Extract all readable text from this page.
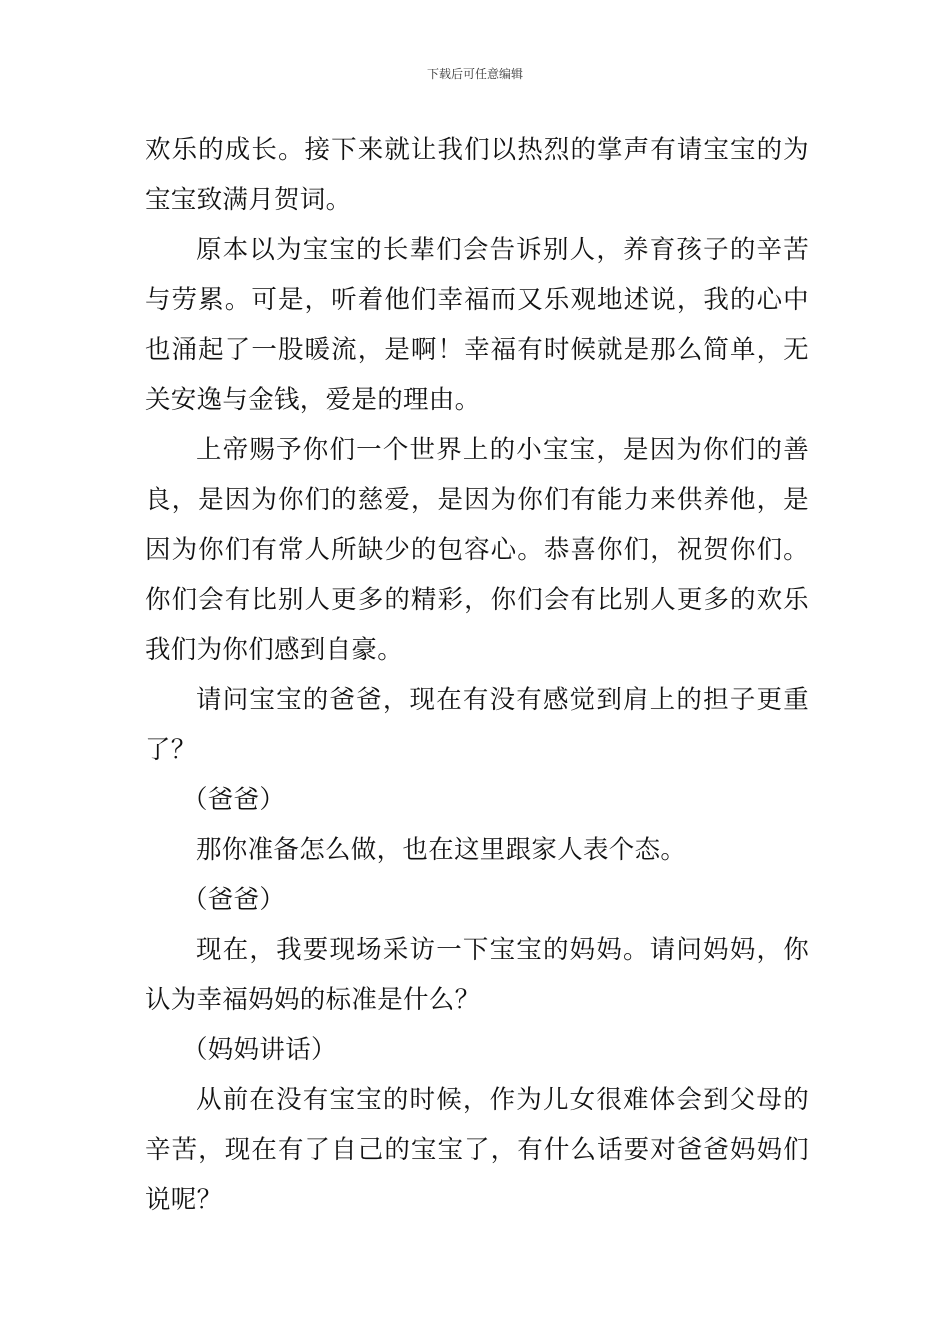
下载后可任意编辑

欢乐的成长。接下来就让我们以热烈的掌声有请宝宝的为宝宝致满月贺词。

原本以为宝宝的长辈们会告诉别人，养育孩子的辛苦与劳累。可是，听着他们幸福而又乐观地述说，我的心中也涌起了一股暖流，是啊！幸福有时候就是那么简单，无关安逸与金钱，爱是的理由。

上帝赐予你们一个世界上的小宝宝，是因为你们的善良，是因为你们的慈爱，是因为你们有能力来供养他，是因为你们有常人所缺少的包容心。恭喜你们，祝贺你们。你们会有比别人更多的精彩，你们会有比别人更多的欢乐我们为你们感到自豪。

请问宝宝的爸爸，现在有没有感觉到肩上的担子更重了？

（爸爸）

那你准备怎么做，也在这里跟家人表个态。

（爸爸）

现在，我要现场采访一下宝宝的妈妈。请问妈妈，你认为幸福妈妈的标准是什么？

（妈妈讲话）

从前在没有宝宝的时候，作为儿女很难体会到父母的辛苦，现在有了自己的宝宝了，有什么话要对爸爸妈妈们说呢？
